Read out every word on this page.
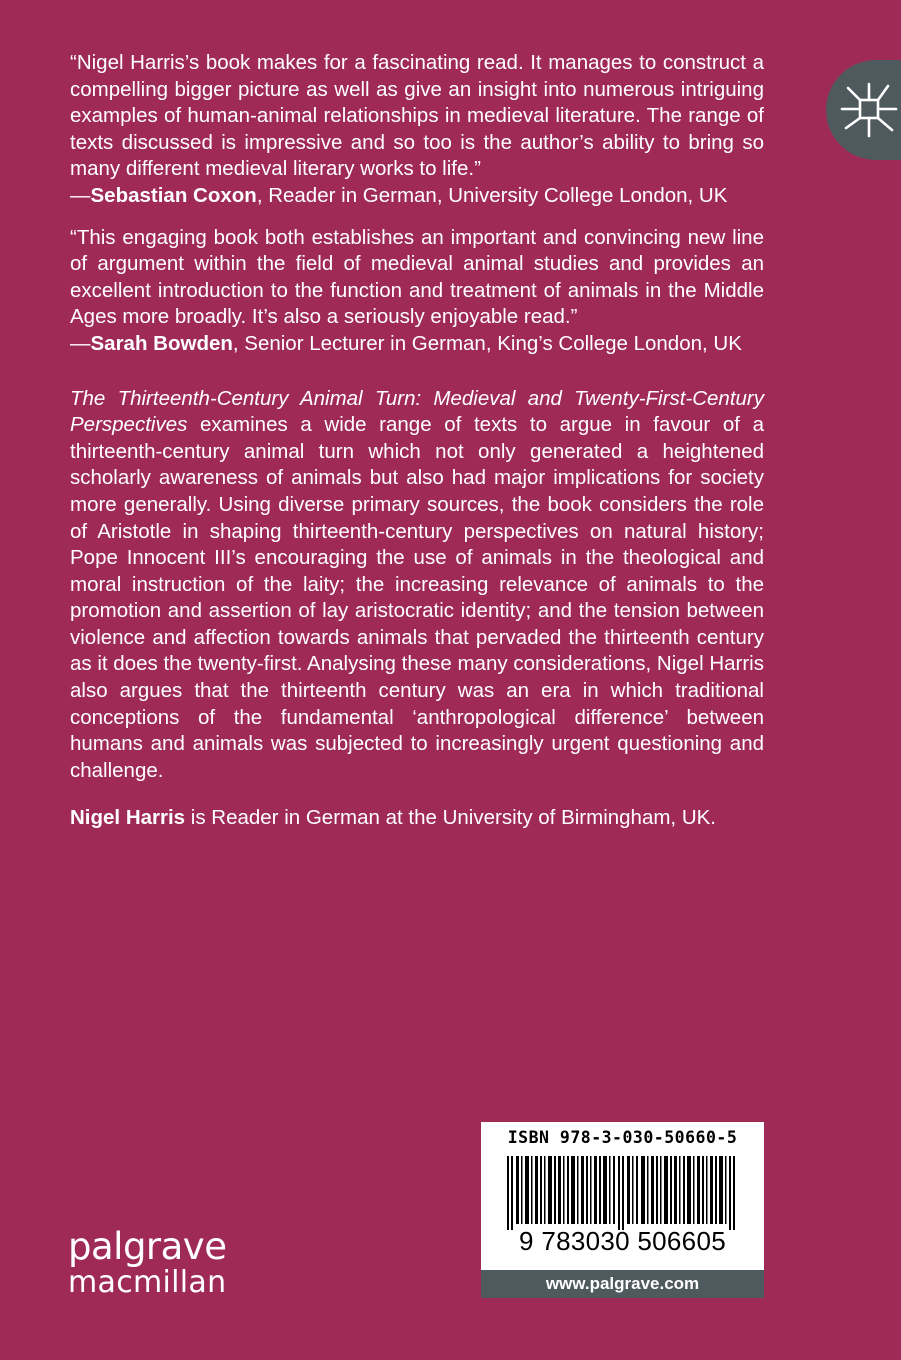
“Nigel Harris’s book makes for a fascinating read. It manages to construct a compelling bigger picture as well as give an insight into numerous intriguing examples of human-animal relationships in medieval literature. The range of texts discussed is impressive and so too is the author’s ability to bring so many different medieval literary works to life.”

—Sebastian Coxon, Reader in German, University College London, UK

“This engaging book both establishes an important and convincing new line of argument within the field of medieval animal studies and provides an excellent introduction to the function and treatment of animals in the Middle Ages more broadly. It’s also a seriously enjoyable read.”

—Sarah Bowden, Senior Lecturer in German, King’s College London, UK

The Thirteenth-Century Animal Turn: Medieval and Twenty-First-Century Perspectives examines a wide range of texts to argue in favour of a thirteenth-century animal turn which not only generated a heightened scholarly awareness of animals but also had major implications for society more generally. Using diverse primary sources, the book considers the role of Aristotle in shaping thirteenth-century perspectives on natural history; Pope Innocent III’s encouraging the use of animals in the theological and moral instruction of the laity; the increasing relevance of animals to the promotion and assertion of lay aristocratic identity; and the tension between violence and affection towards animals that pervaded the thirteenth century as it does the twenty-first. Analysing these many considerations, Nigel Harris also argues that the thirteenth century was an era in which traditional conceptions of the fundamental ‘anthropological difference’ between humans and animals was subjected to increasingly urgent questioning and challenge.

Nigel Harris is Reader in German at the University of Birmingham, UK.

palgrave
macmillan
ISBN 978-3-030-50660-5
9 783030 506605
www.palgrave.com
